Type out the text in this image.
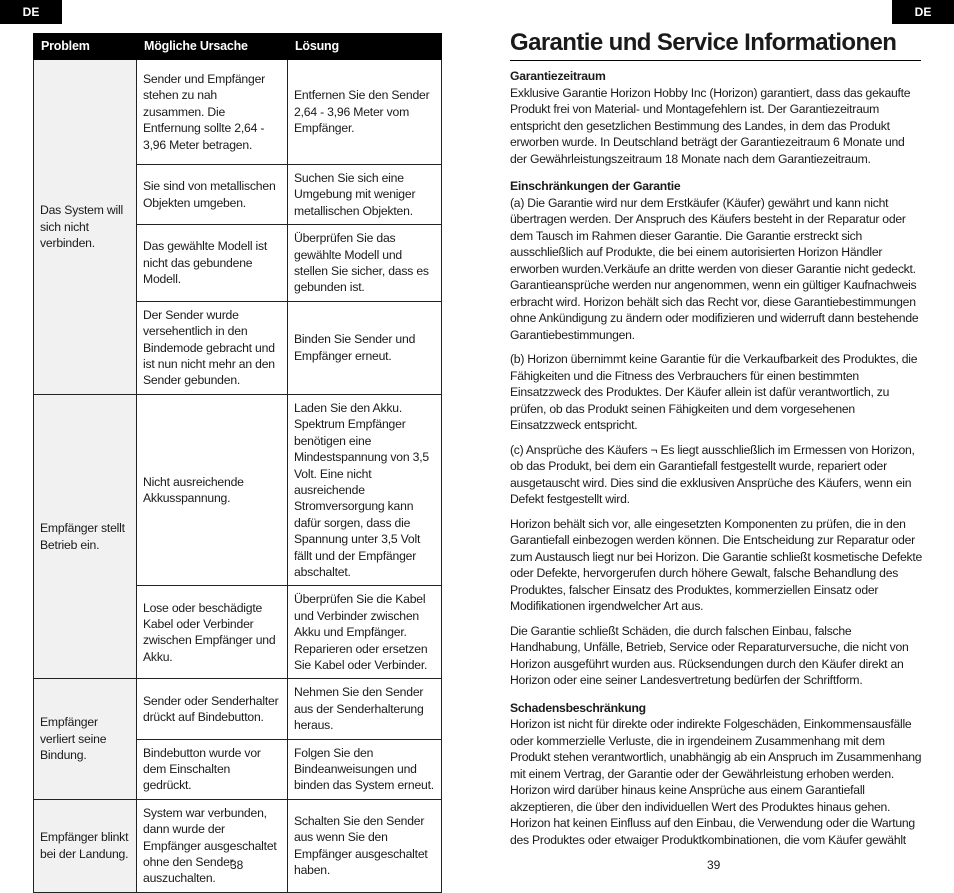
DE
Problem	Mögliche Ursache	Lösung
Das System will sich nicht verbinden.	Sender und Empfänger stehen zu nah zusammen. Die Entfernung sollte 2,64 - 3,96 Meter betragen.	Entfernen Sie den Sender 2,64 - 3,96 Meter vom Empfänger.
	Sie sind von metallischen Objekten umgeben.	Suchen Sie sich eine Umgebung mit weniger metallischen Objekten.
	Das gewählte Modell ist nicht das gebundene Modell.	Überprüfen Sie das gewählte Modell und stellen Sie sicher, dass es gebunden ist.
	Der Sender wurde versehentlich in den Bindemode gebracht und ist nun nicht mehr an den Sender gebunden.	Binden Sie Sender und Empfänger erneut.
Empfänger stellt Betrieb ein.	Nicht ausreichende Akkusspannung.	Laden Sie den Akku. Spektrum Empfänger benötigen eine Mindestspannung von 3,5 Volt. Eine nicht ausreichende Stromversorgung kann dafür sorgen, dass die Spannung unter 3,5 Volt fällt und der Empfänger abschaltet.
	Lose oder beschädigte Kabel oder Verbinder zwischen Empfänger und Akku.	Überprüfen Sie die Kabel und Verbinder zwischen Akku und Empfänger. Reparieren oder ersetzen Sie Kabel oder Verbinder.
Empfänger verliert seine Bindung.	Sender oder Senderhalter drückt auf Bindebutton.	Nehmen Sie den Sender aus der Senderhalterung heraus.
	Bindebutton wurde vor dem Einschalten gedrückt.	Folgen Sie den Bindeanweisungen und binden das System erneut.
Empfänger blinkt bei der Landung.	System war verbunden, dann wurde der Empfänger ausgeschaltet ohne den Sender auszuchalten.	Schalten Sie den Sender aus wenn Sie den Empfänger ausgeschaltet haben.
38
DE
Garantie und Service Informationen
Garantiezeitraum

Exklusive Garantie Horizon Hobby Inc (Horizon) garantiert, dass das gekaufte Produkt frei von Material- und Montagefehlern ist. Der Garantiezeitraum entspricht den gesetzlichen Bestimmung des Landes, in dem das Produkt erworben wurde. In Deutschland beträgt der Garantiezeitraum 6 Monate und der Gewährleistungszeitraum 18 Monate nach dem Garantiezeitraum.

Einschränkungen der Garantie

(a) Die Garantie wird nur dem Erstkäufer (Käufer) gewährt und kann nicht übertragen werden. Der Anspruch des Käufers besteht in der Reparatur oder dem Tausch im Rahmen dieser Garantie. Die Garantie erstreckt sich ausschließlich auf Produkte, die bei einem autorisierten Horizon Händler erworben wurden.Verkäufe an dritte werden von dieser Garantie nicht gedeckt. Garantieansprüche werden nur angenommen, wenn ein gültiger Kaufnachweis erbracht wird. Horizon behält sich das Recht vor, diese Garantiebestimmungen ohne Ankündigung zu ändern oder modifizieren und widerruft dann bestehende Garantiebestimmungen.

(b) Horizon übernimmt keine Garantie für die Verkaufbarkeit des Produktes, die Fähigkeiten und die Fitness des Verbrauchers für einen bestimmten Einsatzzweck des Produktes. Der Käufer allein ist dafür verantwortlich, zu prüfen, ob das Produkt seinen Fähigkeiten und dem vorgesehenen Einsatzzweck entspricht.

(c) Ansprüche des Käufers ¬ Es liegt ausschließlich im Ermessen von Horizon, ob das Produkt, bei dem ein Garantiefall festgestellt wurde, repariert oder ausgetauscht wird. Dies sind die exklusiven Ansprüche des Käufers, wenn ein Defekt festgestellt wird.

Horizon behält sich vor, alle eingesetzten Komponenten zu prüfen, die in den Garantiefall einbezogen werden können. Die Entscheidung zur Reparatur oder zum Austausch liegt nur bei Horizon. Die Garantie schließt kosmetische Defekte oder Defekte, hervorgerufen durch höhere Gewalt, falsche Behandlung des Produktes, falscher Einsatz des Produktes, kommerziellen Einsatz oder Modifikationen irgendwelcher Art aus.

Die Garantie schließt Schäden, die durch falschen Einbau, falsche Handhabung, Unfälle, Betrieb, Service oder Reparaturversuche, die nicht von Horizon ausgeführt wurden aus. Rücksendungen durch den Käufer direkt an Horizon oder eine seiner Landesvertretung bedürfen der Schriftform.

Schadensbeschränkung

Horizon ist nicht für direkte oder indirekte Folgeschäden, Einkommensausfälle oder kommerzielle Verluste, die in irgendeinem Zusammenhang mit dem Produkt stehen verantwortlich, unabhängig ab ein Anspruch im Zusammenhang mit einem Vertrag, der Garantie oder der Gewährleistung erhoben werden. Horizon wird darüber hinaus keine Ansprüche aus einem Garantiefall akzeptieren, die über den individuellen Wert des Produktes hinaus gehen. Horizon hat keinen Einfluss auf den Einbau, die Verwendung oder die Wartung des Produktes oder etwaiger Produktkombinationen, die vom Käufer gewählt

39
